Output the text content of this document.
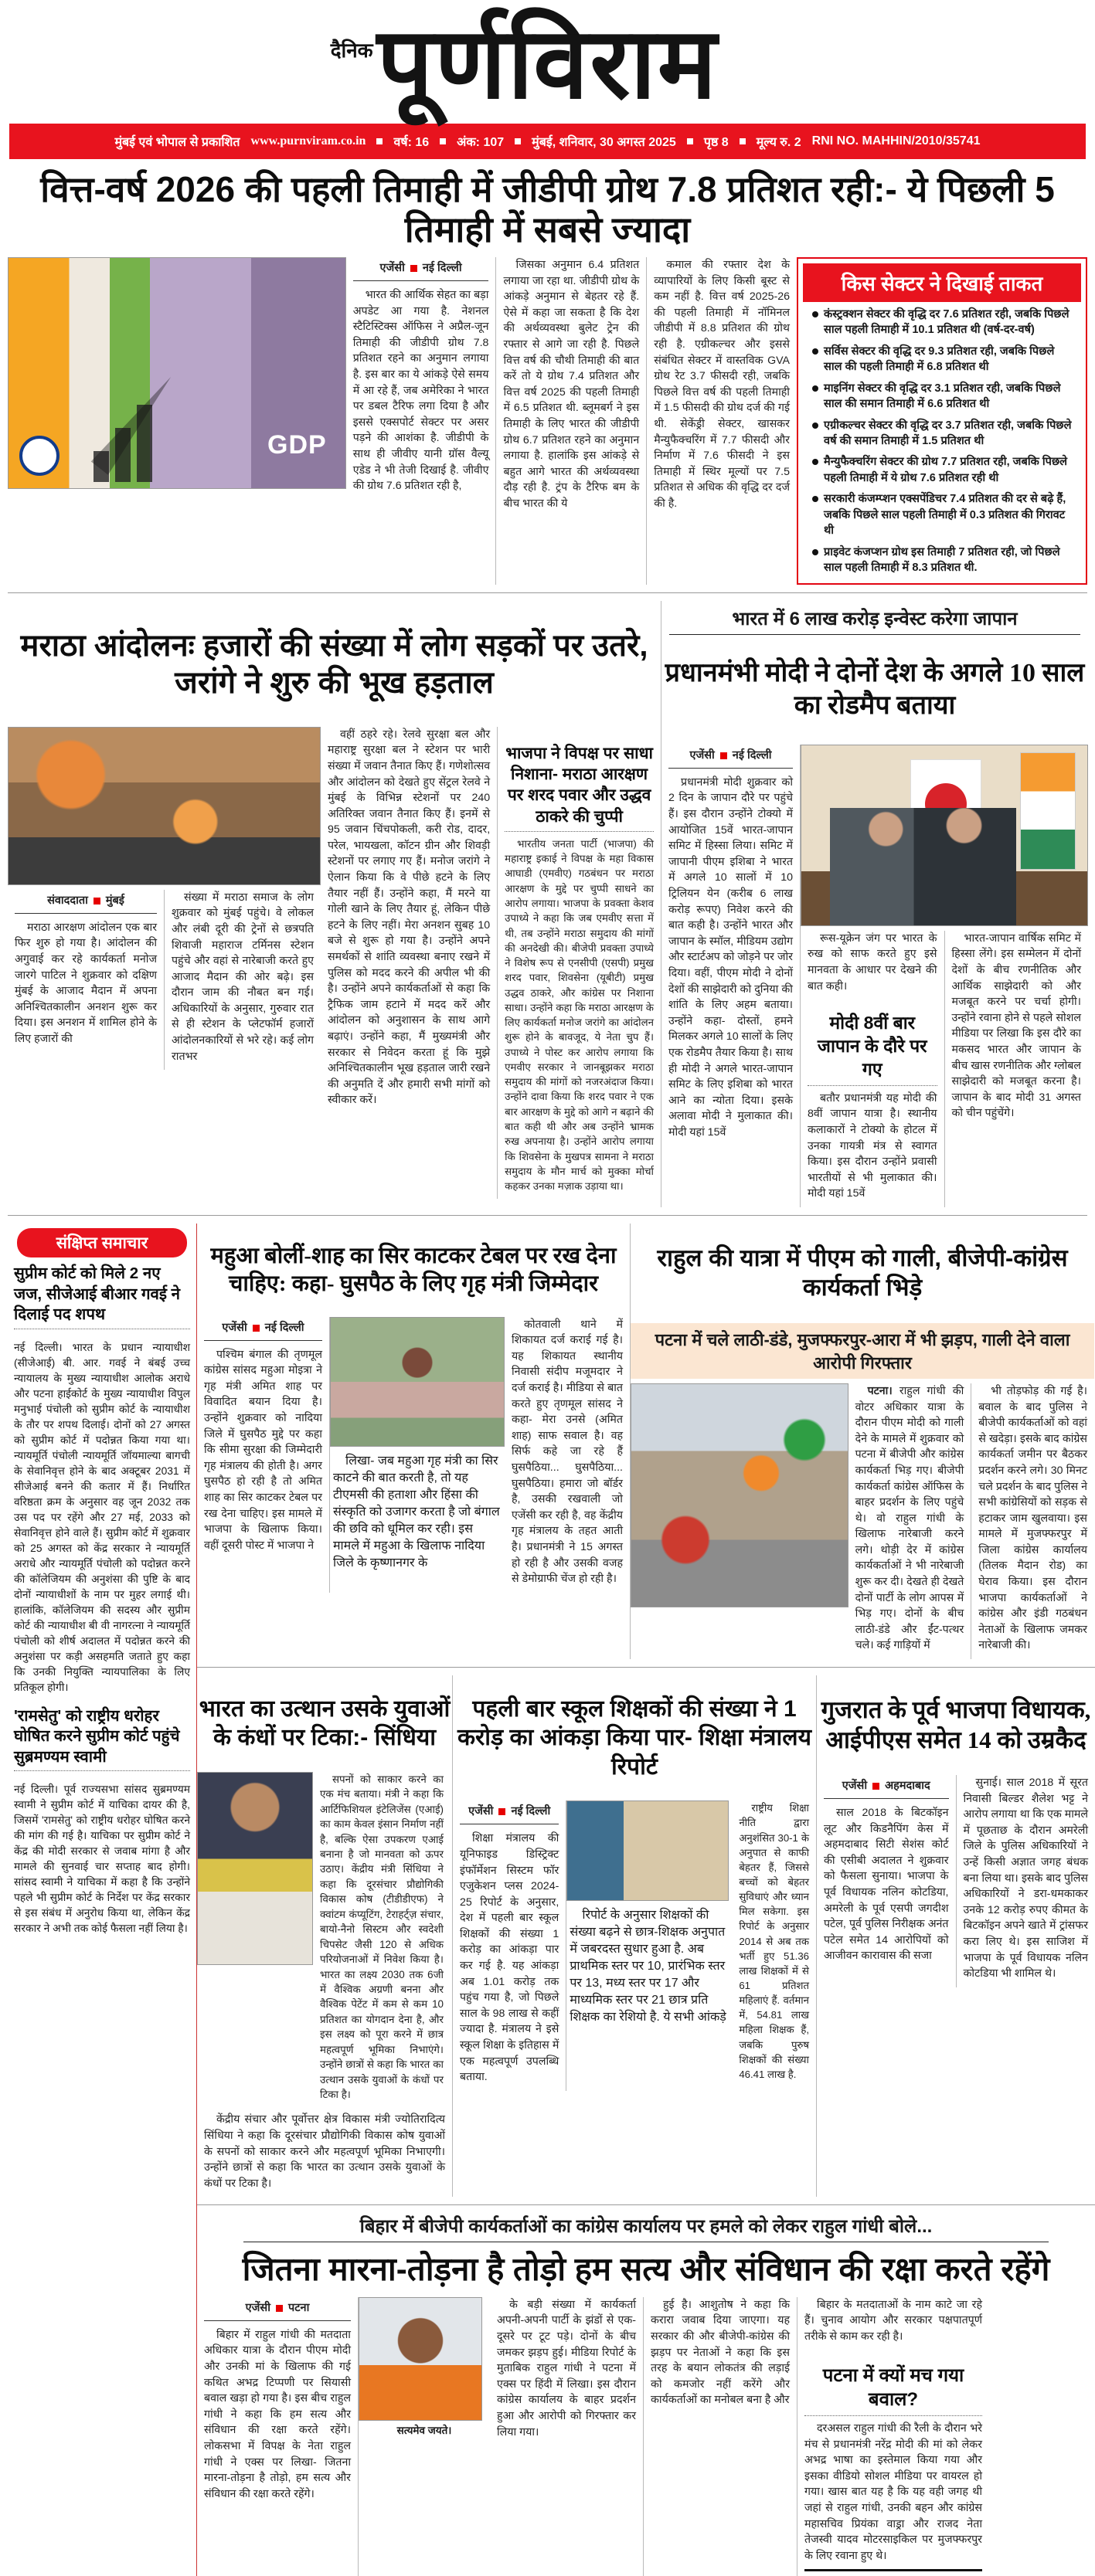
दैनिक पूर्णविराम
मुंबई एवं भोपाल से प्रकाशित www.purnviram.co.in वर्ष: 16 अंक: 107 मुंबई, शनिवार, 30 अगस्त 2025 पृष्ठ 8 मूल्य रु. 2 RNI NO. MAHHIN/2010/35741
वित्त-वर्ष 2026 की पहली तिमाही में जीडीपी ग्रोथ 7.8 प्रतिशत रही:- ये पिछली 5 तिमाही में सबसे ज्यादा
GDP
एजेंसी नई दिल्ली

भारत की आर्थिक सेहत का बड़ा अपडेट आ गया है. नेशनल स्टैटिस्टिक्स ऑफिस ने अप्रैल-जून तिमाही की जीडीपी ग्रोथ 7.8 प्रतिशत रहने का अनुमान लगाया है. इस बार का ये आंकड़े ऐसे समय में आ रहे हैं, जब अमेरिका ने भारत पर डबल टैरिफ लगा दिया है और इससे एक्सपोर्ट सेक्टर पर असर पड़ने की आशंका है. जीडीपी के साथ ही जीवीए यानी ग्रॉस वैल्यू एडेड ने भी तेजी दिखाई है. जीवीए की ग्रोथ 7.6 प्रतिशत रही है,

जिसका अनुमान 6.4 प्रतिशत लगाया जा रहा था. जीडीपी ग्रोथ के आंकड़े अनुमान से बेहतर रहे हैं. ऐसे में कहा जा सकता है कि देश की अर्थव्यवस्था बुलेट ट्रेन की रफ्तार से आगे जा रही है. पिछले वित्त वर्ष की चौथी तिमाही की बात करें तो ये ग्रोथ 7.4 प्रतिशत और वित्त वर्ष 2025 की पहली तिमाही में 6.5 प्रतिशत थी. ब्लूमबर्ग ने इस तिमाही के लिए भारत की जीडीपी ग्रोथ 6.7 प्रतिशत रहने का अनुमान लगाया है. हालांकि इस आंकड़े से बहुत आगे भारत की अर्थव्यवस्था दौड़ रही है. ट्रंप के टैरिफ बम के बीच भारत की ये

कमाल की रफ्तार देश के व्यापारियों के लिए किसी बूस्ट से कम नहीं है. वित्त वर्ष 2025-26 की पहली तिमाही में नॉमिनल जीडीपी में 8.8 प्रतिशत की ग्रोथ रही है. एग्रीकल्चर और इससे संबंधित सेक्टर में वास्तविक GVA ग्रोथ रेट 3.7 फीसदी रही, जबकि पिछले वित्त वर्ष की पहली तिमाही में 1.5 फीसदी की ग्रोथ दर्ज की गई थी. सेकेंड्री सेक्टर, खासकर मैन्युफैक्चरिंग में 7.7 फीसदी और निर्माण में 7.6 फीसदी ने इस तिमाही में स्थिर मूल्यों पर 7.5 प्रतिशत से अधिक की वृद्धि दर दर्ज की है.

किस सेक्टर ने दिखाई ताकत
कंस्ट्रक्शन सेक्टर की वृद्धि दर 7.6 प्रतिशत रही, जबकि पिछले साल पहली तिमाही में 10.1 प्रतिशत थी (वर्ष-दर-वर्ष)
सर्विस सेक्टर की वृद्धि दर 9.3 प्रतिशत रही, जबकि पिछले साल की पहली तिमाही में 6.8 प्रतिशत थी
माइनिंग सेक्टर की वृद्धि दर 3.1 प्रतिशत रही, जबकि पिछले साल की समान तिमाही में 6.6 प्रतिशत थी
एग्रीकल्चर सेक्टर की वृद्धि दर 3.7 प्रतिशत रही, जबकि पिछले वर्ष की समान तिमाही में 1.5 प्रतिशत थी
मैन्युफैक्चरिंग सेक्टर की ग्रोथ 7.7 प्रतिशत रही, जबकि पिछले पहली तिमाही में ये ग्रोथ 7.6 प्रतिशत रही थी
सरकारी कंजम्प्शन एक्सपेंडिचर 7.4 प्रतिशत की दर से बढ़े हैं, जबकि पिछले साल पहली तिमाही में 0.3 प्रतिशत की गिरावट थी
प्राइवेट कंजप्शन ग्रोथ इस तिमाही 7 प्रतिशत रही, जो पिछले साल पहली तिमाही में 8.3 प्रतिशत थी.
मराठा आंदोलनः हजारों की संख्या में लोग सड़कों पर उतरे, जरांगे ने शुरु की भूख हड़ताल
संवाददाता मुंबई

मराठा आरक्षण आंदोलन एक बार फिर शुरु हो गया है। आंदोलन की अगुवाई कर रहे कार्यकर्ता मनोज जारगे पाटिल ने शुक्रवार को दक्षिण मुंबई के आजाद मैदान में अपना अनिश्चितकालीन अनशन शुरू कर दिया। इस अनशन में शामिल होने के लिए हजारों की

संख्या में मराठा समाज के लोग शुक्रवार को मुंबई पहुंचे। वे लोकल और लंबी दूरी की ट्रेनों से छत्रपति शिवाजी महाराज टर्मिनस स्टेशन पहुंचे और वहां से नारेबाजी करते हुए आजाद मैदान की ओर बढ़े। इस दौरान जाम की नौबत बन गई। अधिकारियों के अनुसार, गुरुवार रात से ही स्टेशन के प्लेटफॉर्म हजारों आंदोलनकारियों से भरे रहे। कई लोग रातभर

वहीं ठहरे रहे। रेलवे सुरक्षा बल और महाराष्ट्र सुरक्षा बल ने स्टेशन पर भारी संख्या में जवान तैनात किए हैं। गणेशोत्सव और आंदोलन को देखते हुए सेंट्रल रेलवे ने मुंबई के विभिन्न स्टेशनों पर 240 अतिरिक्त जवान तैनात किए हैं। इनमें से 95 जवान चिंचपोकली, करी रोड, दादर, परेल, भायखला, कॉटन ग्रीन और शिवड़ी स्टेशनों पर लगाए गए हैं। मनोज जरांगे ने ऐलान किया कि वे पीछे हटने के लिए तैयार नहीं हैं। उन्होंने कहा, मैं मरने या गोली खाने के लिए तैयार हूं, लेकिन पीछे हटने के लिए नहीं। मेरा अनशन सुबह 10 बजे से शुरू हो गया है। उन्होंने अपने समर्थकों से शांति व्यवस्था बनाए रखने में पुलिस को मदद करने की अपील भी की है। उन्होंने अपने कार्यकर्ताओं से कहा कि ट्रैफिक जाम हटाने में मदद करें और आंदोलन को अनुशासन के साथ आगे बढ़ाएं। उन्होंने कहा, मैं मुख्यमंत्री और सरकार से निवेदन करता हूं कि मुझे अनिश्चितकालीन भूख हड़ताल जारी रखने की अनुमति दें और हमारी सभी मांगों को स्वीकार करें।

भाजपा ने विपक्ष पर साधा निशाना- मराठा आरक्षण पर शरद पवार और उद्धव ठाकरे की चुप्पी

भारतीय जनता पार्टी (भाजपा) की महाराष्ट्र इकाई ने विपक्ष के महा विकास आघाडी (एमवीए) गठबंधन पर मराठा आरक्षण के मुद्दे पर चुप्पी साधने का आरोप लगाया। भाजपा के प्रवक्ता केशव उपाध्ये ने कहा कि जब एमवीए सत्ता में थी, तब उन्होंने मराठा समुदाय की मांगों की अनदेखी की। बीजेपी प्रवक्ता उपाध्ये ने विशेष रूप से एनसीपी (एसपी) प्रमुख शरद पवार, शिवसेना (यूबीटी) प्रमुख उद्धव ठाकरे, और कांग्रेस पर निशाना साधा। उन्होंने कहा कि मराठा आरक्षण के लिए कार्यकर्ता मनोज जरांगे का आंदोलन शुरू होने के बावजूद, ये नेता चुप हैं। उपाध्ये ने पोस्ट कर आरोप लगाया कि एमवीए सरकार ने जानबूझकर मराठा समुदाय की मांगों को नजरअंदाज किया। उन्होंने दावा किया कि शरद पवार ने एक बार आरक्षण के मुद्दे को आगे न बढ़ाने की बात कही थी और अब उन्होंने भ्रामक रुख अपनाया है। उन्होंने आरोप लगाया कि शिवसेना के मुखपत्र सामना ने मराठा समुदाय के मौन मार्च को मुक्का मोर्चा कहकर उनका मज़ाक उड़ाया था।

भारत में 6 लाख करोड़ इन्वेस्ट करेगा जापान
प्रधानमंभी मोदी ने दोनों देश के अगले 10 साल का रोडमैप बताया
एजेंसी नई दिल्ली

प्रधानमंत्री मोदी शुक्रवार को 2 दिन के जापान दौरे पर पहुंचे हैं। इस दौरान उन्होंने टोक्यो में आयोजित 15वें भारत-जापान समिट में हिस्सा लिया। समिट में जापानी पीएम इशिबा ने भारत में अगले 10 सालों में 10 ट्रिलियन येन (करीब 6 लाख करोड़ रूपए) निवेश करने की बात कही है। उन्होंने भारत और जापान के स्मॉल, मीडियम उद्योग और स्टार्टअप को जोड़ने पर जोर दिया। वहीं, पीएम मोदी ने दोनों देशों की साझेदारी को दुनिया की शांति के लिए अहम बताया। उन्होंने कहा- दोस्तों, हमने मिलकर अगले 10 सालों के लिए एक रोडमैप तैयार किया है। साथ ही मोदी ने अगले भारत-जापान समिट के लिए इशिबा को भारत आने का न्योता दिया। इसके अलावा मोदी ने मुलाकात की। मोदी यहां 15वें

रूस-यूक्रेन जंग पर भारत के रुख को साफ करते हुए इसे मानवता के आधार पर देखने की बात कही।

मोदी 8वीं बार जापान के दौरे पर गए

बतौर प्रधानमंत्री यह मोदी की 8वीं जापान यात्रा है। स्थानीय कलाकारों ने टोक्यो के होटल में उनका गायत्री मंत्र से स्वागत किया। इस दौरान उन्होंने प्रवासी भारतीयों से भी मुलाकात की। मोदी यहां 15वें

भारत-जापान वार्षिक समिट में हिस्सा लेंगे। इस सम्मेलन में दोनों देशों के बीच रणनीतिक और आर्थिक साझेदारी को और मजबूत करने पर चर्चा होगी। उन्होंने रवाना होने से पहले सोशल मीडिया पर लिखा कि इस दौरे का मकसद भारत और जापान के बीच खास रणनीतिक और ग्लोबल साझेदारी को मजबूत करना है। जापान के बाद मोदी 31 अगस्त को चीन पहुंचेंगे।

संक्षिप्त समाचार
सुप्रीम कोर्ट को मिले 2 नए जज, सीजेआई बीआर गवई ने दिलाई पद शपथ

नई दिल्ली। भारत के प्रधान न्यायाधीश (सीजेआई) बी. आर. गवई ने बंबई उच्च न्यायालय के मुख्य न्यायाधीश आलोक अराधे और पटना हाईकोर्ट के मुख्य न्यायाधीश विपुल मनुभाई पंचोली को सुप्रीम कोर्ट के न्यायाधीश के तौर पर शपथ दिलाई। दोनों को 27 अगस्त को सुप्रीम कोर्ट में पदोन्नत किया गया था। न्यायमूर्ति पंचोली न्यायमूर्ति जॉयमाल्या बागची के सेवानिवृत्त होने के बाद अक्टूबर 2031 में सीजेआई बनने की कतार में हैं। निर्धारित वरिष्ठता क्रम के अनुसार वह जून 2032 तक उस पद पर रहेंगे और 27 मई, 2033 को सेवानिवृत्त होने वाले हैं। सुप्रीम कोर्ट में शुक्रवार को 25 अगस्त को केंद्र सरकार ने न्यायमूर्ति अराधे और न्यायमूर्ति पंचोली को पदोन्नत करने की कॉलेजियम की अनुशंसा की पुष्टि के बाद दोनों न्यायाधीशों के नाम पर मुहर लगाई थी। हालांकि, कॉलेजियम की सदस्य और सुप्रीम कोर्ट की न्यायाधीश बी वी नागरत्ना ने न्यायमूर्ति पंचोली को शीर्ष अदालत में पदोन्नत करने की अनुशंसा पर कड़ी असहमति जताते हुए कहा कि उनकी नियुक्ति न्यायपालिका के लिए प्रतिकूल होगी।

'रामसेतु' को राष्ट्रीय धरोहर घोषित करने सुप्रीम कोर्ट पहुंचे सुब्रमण्यम स्वामी

नई दिल्ली। पूर्व राज्यसभा सांसद सुब्रमण्यम स्वामी ने सुप्रीम कोर्ट में याचिका दायर की है, जिसमें 'रामसेतु' को राष्ट्रीय धरोहर घोषित करने की मांग की गई है। याचिका पर सुप्रीम कोर्ट ने केंद्र की मोदी सरकार से जवाब मांगा है और मामले की सुनवाई चार सप्ताह बाद होगी। सांसद स्वामी ने याचिका में कहा है कि उन्होंने पहले भी सुप्रीम कोर्ट के निर्देश पर केंद्र सरकार से इस संबंध में अनुरोध किया था, लेकिन केंद्र सरकार ने अभी तक कोई फैसला नहीं लिया है।

महुआ बोलीं-शाह का सिर काटकर टेबल पर रख देना चाहिए: कहा- घुसपैठ के लिए गृह मंत्री जिम्मेदार
एजेंसी नई दिल्ली

पश्चिम बंगाल की तृणमूल कांग्रेस सांसद महुआ मोइत्रा ने गृह मंत्री अमित शाह पर विवादित बयान दिया है। उन्होंने शुक्रवार को नादिया जिले में घुसपैठ मुद्दे पर कहा कि सीमा सुरक्षा की जिम्मेदारी गृह मंत्रालय की होती है। अगर घुसपैठ हो रही है तो अमित शाह का सिर काटकर टेबल पर रख देना चाहिए। इस मामले में भाजपा के खिलाफ किया। वहीं दूसरी पोस्ट में भाजपा ने

लिखा- जब महुआ गृह मंत्री का सिर काटने की बात करती है, तो यह टीएमसी की हताशा और हिंसा की संस्कृति को उजागर करता है जो बंगाल की छवि को धूमिल कर रही। इस मामले में महुआ के खिलाफ नादिया जिले के कृष्णानगर के

कोतवाली थाने में शिकायत दर्ज कराई गई है। यह शिकायत स्थानीय निवासी संदीप मजूमदार ने दर्ज कराई है। मीडिया से बात करते हुए तृणमूल सांसद ने कहा- मेरा उनसे (अमित शाह) साफ सवाल है। वह सिर्फ कहे जा रहे हैं घुसपैठिया... घुसपैठिया... घुसपैठिया। हमारा जो बॉर्डर है, उसकी रखवाली जो एजेंसी कर रही है, वह केंद्रीय गृह मंत्रालय के तहत आती है। प्रधानमंत्री ने 15 अगस्त हो रही है और उसकी वजह से डेमोग्राफी चेंज हो रही है।

राहुल की यात्रा में पीएम को गाली, बीजेपी-कांग्रेस कार्यकर्ता भिड़े
पटना में चले लाठी-डंडे, मुजफ्फरपुर-आरा में भी झड़प, गाली देने वाला आरोपी गिरफ्तार

पटना। राहुल गांधी की वोटर अधिकार यात्रा के दौरान पीएम मोदी को गाली देने के मामले में शुक्रवार को पटना में बीजेपी और कांग्रेस कार्यकर्ता भिड़ गए। बीजेपी कार्यकर्ता कांग्रेस ऑफिस के बाहर प्रदर्शन के लिए पहुंचे थे। वो राहुल गांधी के खिलाफ नारेबाजी करने लगे। थोड़ी देर में कांग्रेस कार्यकर्ताओं ने भी नारेबाजी शुरू कर दी। देखते ही देखते दोनों पार्टी के लोग आपस में भिड़ गए। दोनों के बीच लाठी-डंडे और ईंट-पत्थर चले। कई गाड़ियों में

भी तोड़फोड़ की गई है। बवाल के बाद पुलिस ने बीजेपी कार्यकर्ताओं को वहां से खदेड़ा। इसके बाद कांग्रेस कार्यकर्ता जमीन पर बैठकर प्रदर्शन करने लगे। 30 मिनट चले प्रदर्शन के बाद पुलिस ने सभी कांग्रेसियों को सड़क से हटाकर जाम खुलवाया। इस मामले में मुजफ्फरपुर में जिला कांग्रेस कार्यालय (तिलक मैदान रोड) का घेराव किया। इस दौरान भाजपा कार्यकर्ताओं ने कांग्रेस और इंडी गठबंधन नेताओं के खिलाफ जमकर नारेबाजी की।

भारत का उत्थान उसके युवाओं के कंधों पर टिका:- सिंधिया

सपनों को साकार करने का एक मंच बताया। मंत्री ने कहा कि आर्टिफिशियल इंटेलिजेंस (एआई) का काम केवल इंसान निर्माण नहीं है, बल्कि ऐसा उपकरण एआई बनाना है जो मानवता को ऊपर उठाए। केंद्रीय मंत्री सिंधिया ने कहा कि दूरसंचार प्रौद्योगिकी विकास कोष (टीडीडीएफ) ने क्वांटम कंप्यूटिंग, टेराहर्ट्ज़ संचार, बायो-नैनो सिस्टम और स्वदेशी चिपसेट जैसी 120 से अधिक परियोजनाओं में निवेश किया है। भारत का लक्ष्य 2030 तक 6जी में वैश्विक अग्रणी बनना और वैश्विक पेटेंट में कम से कम 10 प्रतिशत का योगदान देना है, और इस लक्ष्य को पूरा करने में छात्र महत्वपूर्ण भूमिका निभाएंगे। उन्होंने छात्रों से कहा कि भारत का उत्थान उसके युवाओं के कंधों पर टिका है।

केंद्रीय संचार और पूर्वोत्तर क्षेत्र विकास मंत्री ज्योतिरादित्य सिंधिया ने कहा कि दूरसंचार प्रौद्योगिकी विकास कोष युवाओं के सपनों को साकार करने और महत्वपूर्ण भूमिका निभाएगी। उन्होंने छात्रों से कहा कि भारत का उत्थान उसके युवाओं के कंधों पर टिका है।

पहली बार स्कूल शिक्षकों की संख्या ने 1 करोड़ का आंकड़ा किया पार- शिक्षा मंत्रालय रिपोर्ट
एजेंसी नई दिल्ली

शिक्षा मंत्रालय की यूनिफाइड डिस्ट्रिक्ट इंफॉर्मेशन सिस्टम फॉर एजुकेशन प्लस 2024-25 रिपोर्ट के अनुसार, देश में पहली बार स्कूल शिक्षकों की संख्या 1 करोड़ का आंकड़ा पार कर गई है. यह आंकड़ा अब 1.01 करोड़ तक पहुंच गया है, जो पिछले साल के 98 लाख से कहीं ज्यादा है. मंत्रालय ने इसे स्कूल शिक्षा के इतिहास में एक महत्वपूर्ण उपलब्धि बताया.

रिपोर्ट के अनुसार शिक्षकों की संख्या बढ़ने से छात्र-शिक्षक अनुपात में जबरदस्त सुधार हुआ है. अब प्राथमिक स्तर पर 10, प्रारंभिक स्तर पर 13, मध्य स्तर पर 17 और माध्यमिक स्तर पर 21 छात्र प्रति शिक्षक का रेशियो है. ये सभी आंकड़े

राष्ट्रीय शिक्षा नीति द्वारा अनुशंसित 30-1 के अनुपात से काफी बेहतर हैं, जिससे बच्चों को बेहतर सुविधाएं और ध्यान मिल सकेगा. इस रिपोर्ट के अनुसार 2014 से अब तक भर्ती हुए 51.36 लाख शिक्षकों में से 61 प्रतिशत महिलाएं हैं. वर्तमान में, 54.81 लाख महिला शिक्षक हैं, जबकि पुरुष शिक्षकों की संख्या 46.41 लाख है.

गुजरात के पूर्व भाजपा विधायक, आईपीएस समेत 14 को उम्रकैद
एजेंसी अहमदाबाद

साल 2018 के बिटकॉइन लूट और किडनैपिंग केस में अहमदाबाद सिटी सेशंस कोर्ट की एसीबी अदालत ने शुक्रवार को फैसला सुनाया। भाजपा के पूर्व विधायक नलिन कोटडिया, अमरेली के पूर्व एसपी जगदीश पटेल, पूर्व पुलिस निरीक्षक अनंत पटेल समेत 14 आरोपियों को आजीवन कारावास की सजा

सुनाई। साल 2018 में सूरत निवासी बिल्डर शैलेश भट्ट ने आरोप लगाया था कि एक मामले में पूछताछ के दौरान अमरेली जिले के पुलिस अधिकारियों ने उन्हें किसी अज्ञात जगह बंधक बना लिया था। इसके बाद पुलिस अधिकारियों ने डरा-धमकाकर उनके 12 करोड़ रुपए कीमत के बिटकॉइन अपने खाते में ट्रांसफर करा लिए थे। इस साजिश में भाजपा के पूर्व विधायक नलिन कोटडिया भी शामिल थे।

बिहार में बीजेपी कार्यकर्ताओं का कांग्रेस कार्यालय पर हमले को लेकर राहुल गांधी बोले...
जितना मारना-तोड़ना है तोड़ो हम सत्य और संविधान की रक्षा करते रहेंगे
एजेंसी पटना

बिहार में राहुल गांधी की मतदाता अधिकार यात्रा के दौरान पीएम मोदी और उनकी मां के खिलाफ की गई कथित अभद्र टिप्पणी पर सियासी बवाल खड़ा हो गया है। इस बीच राहुल गांधी ने कहा कि हम सत्य और संविधान की रक्षा करते रहेंगे। लोकसभा में विपक्ष के नेता राहुल गांधी ने एक्स पर लिखा- जितना मारना-तोड़ना है तोड़ो, हम सत्य और संविधान की रक्षा करते रहेंगे।

सत्यमेव जयते।

के बड़ी संख्या में कार्यकर्ता अपनी-अपनी पार्टी के झंडों से एक-दूसरे पर टूट पड़े। दोनों के बीच जमकर झड़प हुई। मीडिया रिपोर्ट के मुताबिक राहुल गांधी ने पटना में एक्स पर हिंदी में लिखा। इस दौरान कांग्रेस कार्यालय के बाहर प्रदर्शन हुआ और आरोपी को गिरफ्तार कर लिया गया।

हुई है। आशुतोष ने कहा कि करारा जवाब दिया जाएगा। यह सरकार की और बीजेपी-कांग्रेस की झड़प पर नेताओं ने कहा कि इस तरह के बयान लोकतंत्र की लड़ाई को कमजोर नहीं करेंगे और कार्यकर्ताओं का मनोबल बना है और

बिहार के मतदाताओं के नाम काटे जा रहे हैं। चुनाव आयोग और सरकार पक्षपातपूर्ण तरीके से काम कर रही है।

पटना में क्यों मच गया बवाल?

दरअसल राहुल गांधी की रैली के दौरान भरे मंच से प्रधानमंत्री नरेंद्र मोदी की मां को लेकर अभद्र भाषा का इस्तेमाल किया गया और इसका वीडियो सोशल मीडिया पर वायरल हो गया। खास बात यह है कि यह वही जगह थी जहां से राहुल गांधी, उनकी बहन और कांग्रेस महासचिव प्रियंका वाड्रा और राजद नेता तेजस्वी यादव मोटरसाइकिल पर मुजफ्फरपुर के लिए रवाना हुए थे।
